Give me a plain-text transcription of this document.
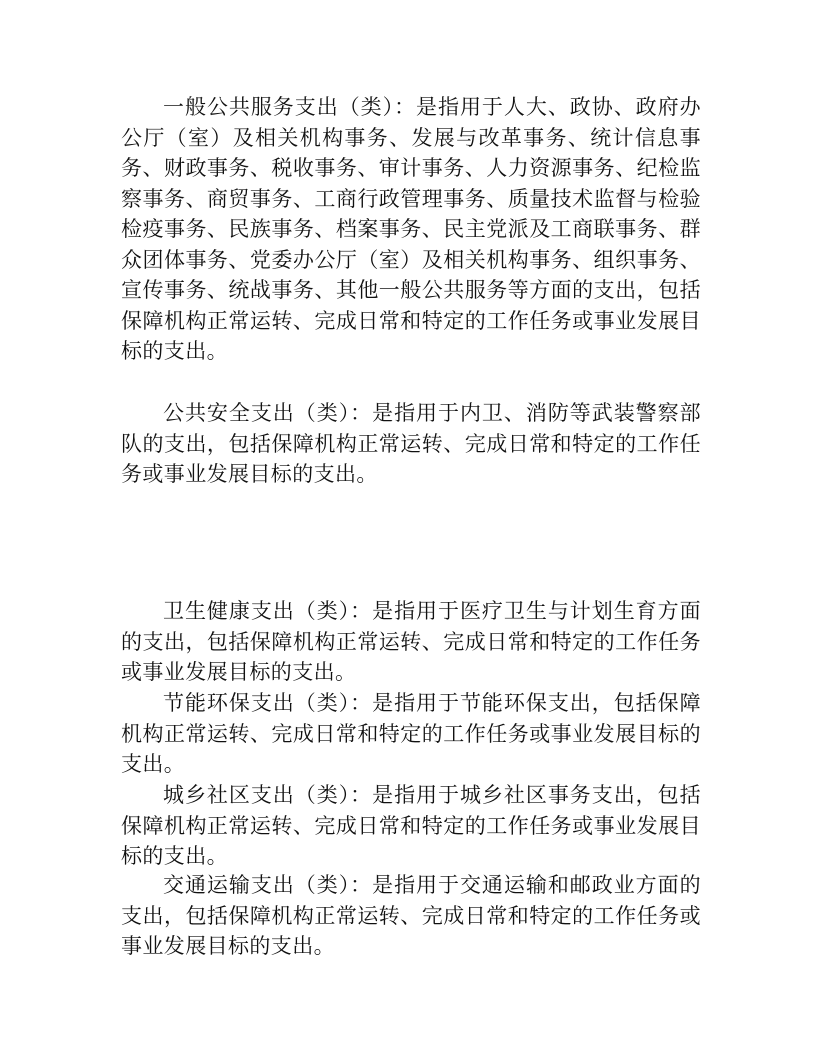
一般公共服务支出（类）：是指用于人大、政协、政府办公厅（室）及相关机构事务、发展与改革事务、统计信息事务、财政事务、税收事务、审计事务、人力资源事务、纪检监察事务、商贸事务、工商行政管理事务、质量技术监督与检验检疫事务、民族事务、档案事务、民主党派及工商联事务、群众团体事务、党委办公厅（室）及相关机构事务、组织事务、宣传事务、统战事务、其他一般公共服务等方面的支出，包括保障机构正常运转、完成日常和特定的工作任务或事业发展目标的支出。

公共安全支出（类）：是指用于内卫、消防等武装警察部队的支出，包括保障机构正常运转、完成日常和特定的工作任务或事业发展目标的支出。

卫生健康支出（类）：是指用于医疗卫生与计划生育方面的支出，包括保障机构正常运转、完成日常和特定的工作任务或事业发展目标的支出。

节能环保支出（类）：是指用于节能环保支出，包括保障机构正常运转、完成日常和特定的工作任务或事业发展目标的支出。

城乡社区支出（类）：是指用于城乡社区事务支出，包括保障机构正常运转、完成日常和特定的工作任务或事业发展目标的支出。

交通运输支出（类）：是指用于交通运输和邮政业方面的支出，包括保障机构正常运转、完成日常和特定的工作任务或事业发展目标的支出。
